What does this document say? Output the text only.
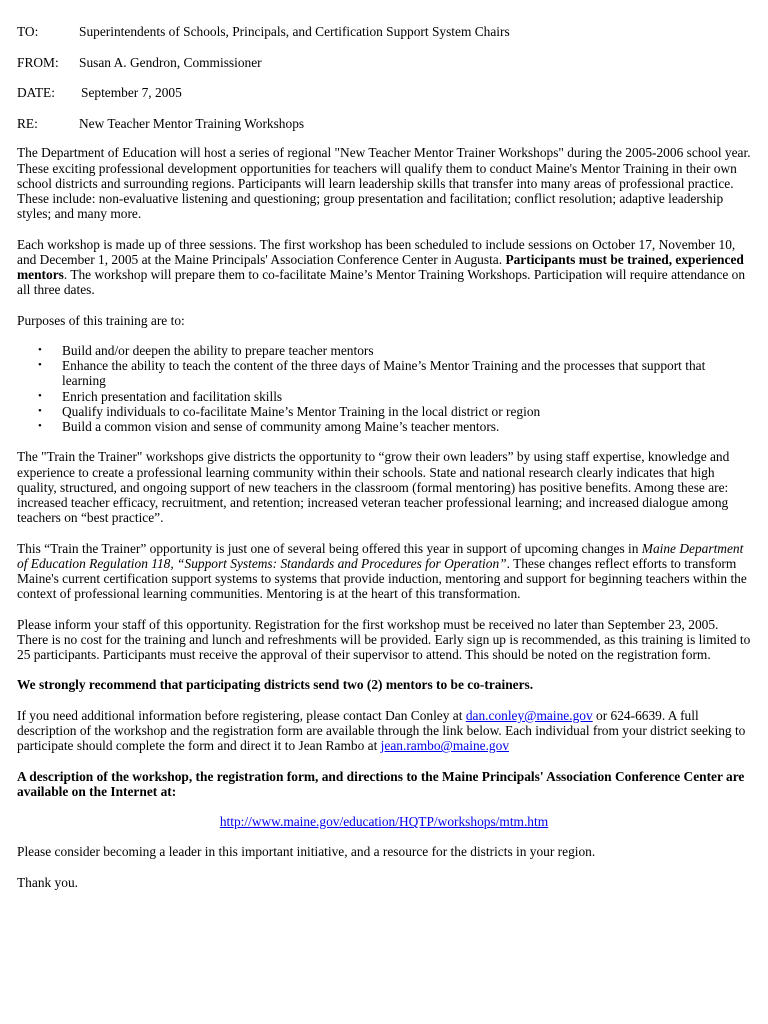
TO:	Superintendents of Schools, Principals, and Certification Support System Chairs
FROM:	Susan A. Gendron, Commissioner
DATE:	September 7, 2005
RE:	New Teacher Mentor Training Workshops

The Department of Education will host a series of regional "New Teacher Mentor Trainer Workshops" during the 2005-2006 school year. These exciting professional development opportunities for teachers will qualify them to conduct Maine's Mentor Training in their own school districts and surrounding regions. Participants will learn leadership skills that transfer into many areas of professional practice. These include: non-evaluative listening and questioning; group presentation and facilitation; conflict resolution; adaptive leadership styles; and many more.

Each workshop is made up of three sessions. The first workshop has been scheduled to include sessions on October 17, November 10, and December 1, 2005 at the Maine Principals' Association Conference Center in Augusta. Participants must be trained, experienced mentors. The workshop will prepare them to co-facilitate Maine’s Mentor Training Workshops. Participation will require attendance on all three dates.

Purposes of this training are to:

• Build and/or deepen the ability to prepare teacher mentors
• Enhance the ability to teach the content of the three days of Maine’s Mentor Training and the processes that support that learning
• Enrich presentation and facilitation skills
• Qualify individuals to co-facilitate Maine’s Mentor Training in the local district or region
• Build a common vision and sense of community among Maine’s teacher mentors.

The "Train the Trainer" workshops give districts the opportunity to “grow their own leaders” by using staff expertise, knowledge and experience to create a professional learning community within their schools. State and national research clearly indicates that high quality, structured, and ongoing support of new teachers in the classroom (formal mentoring) has positive benefits. Among these are: increased teacher efficacy, recruitment, and retention; increased veteran teacher professional learning; and increased dialogue among teachers on “best practice”.

This “Train the Trainer” opportunity is just one of several being offered this year in support of upcoming changes in Maine Department of Education Regulation 118, “Support Systems: Standards and Procedures for Operation”. These changes reflect efforts to transform Maine's current certification support systems to systems that provide induction, mentoring and support for beginning teachers within the context of professional learning communities. Mentoring is at the heart of this transformation.

Please inform your staff of this opportunity. Registration for the first workshop must be received no later than September 23, 2005. There is no cost for the training and lunch and refreshments will be provided. Early sign up is recommended, as this training is limited to 25 participants. Participants must receive the approval of their supervisor to attend. This should be noted on the registration form.

We strongly recommend that participating districts send two (2) mentors to be co-trainers.

If you need additional information before registering, please contact Dan Conley at dan.conley@maine.gov or 624-6639. A full description of the workshop and the registration form are available through the link below. Each individual from your district seeking to participate should complete the form and direct it to Jean Rambo at jean.rambo@maine.gov

A description of the workshop, the registration form, and directions to the Maine Principals' Association Conference Center are available on the Internet at:

http://www.maine.gov/education/HQTP/workshops/mtm.htm

Please consider becoming a leader in this important initiative, and a resource for the districts in your region.

Thank you.
